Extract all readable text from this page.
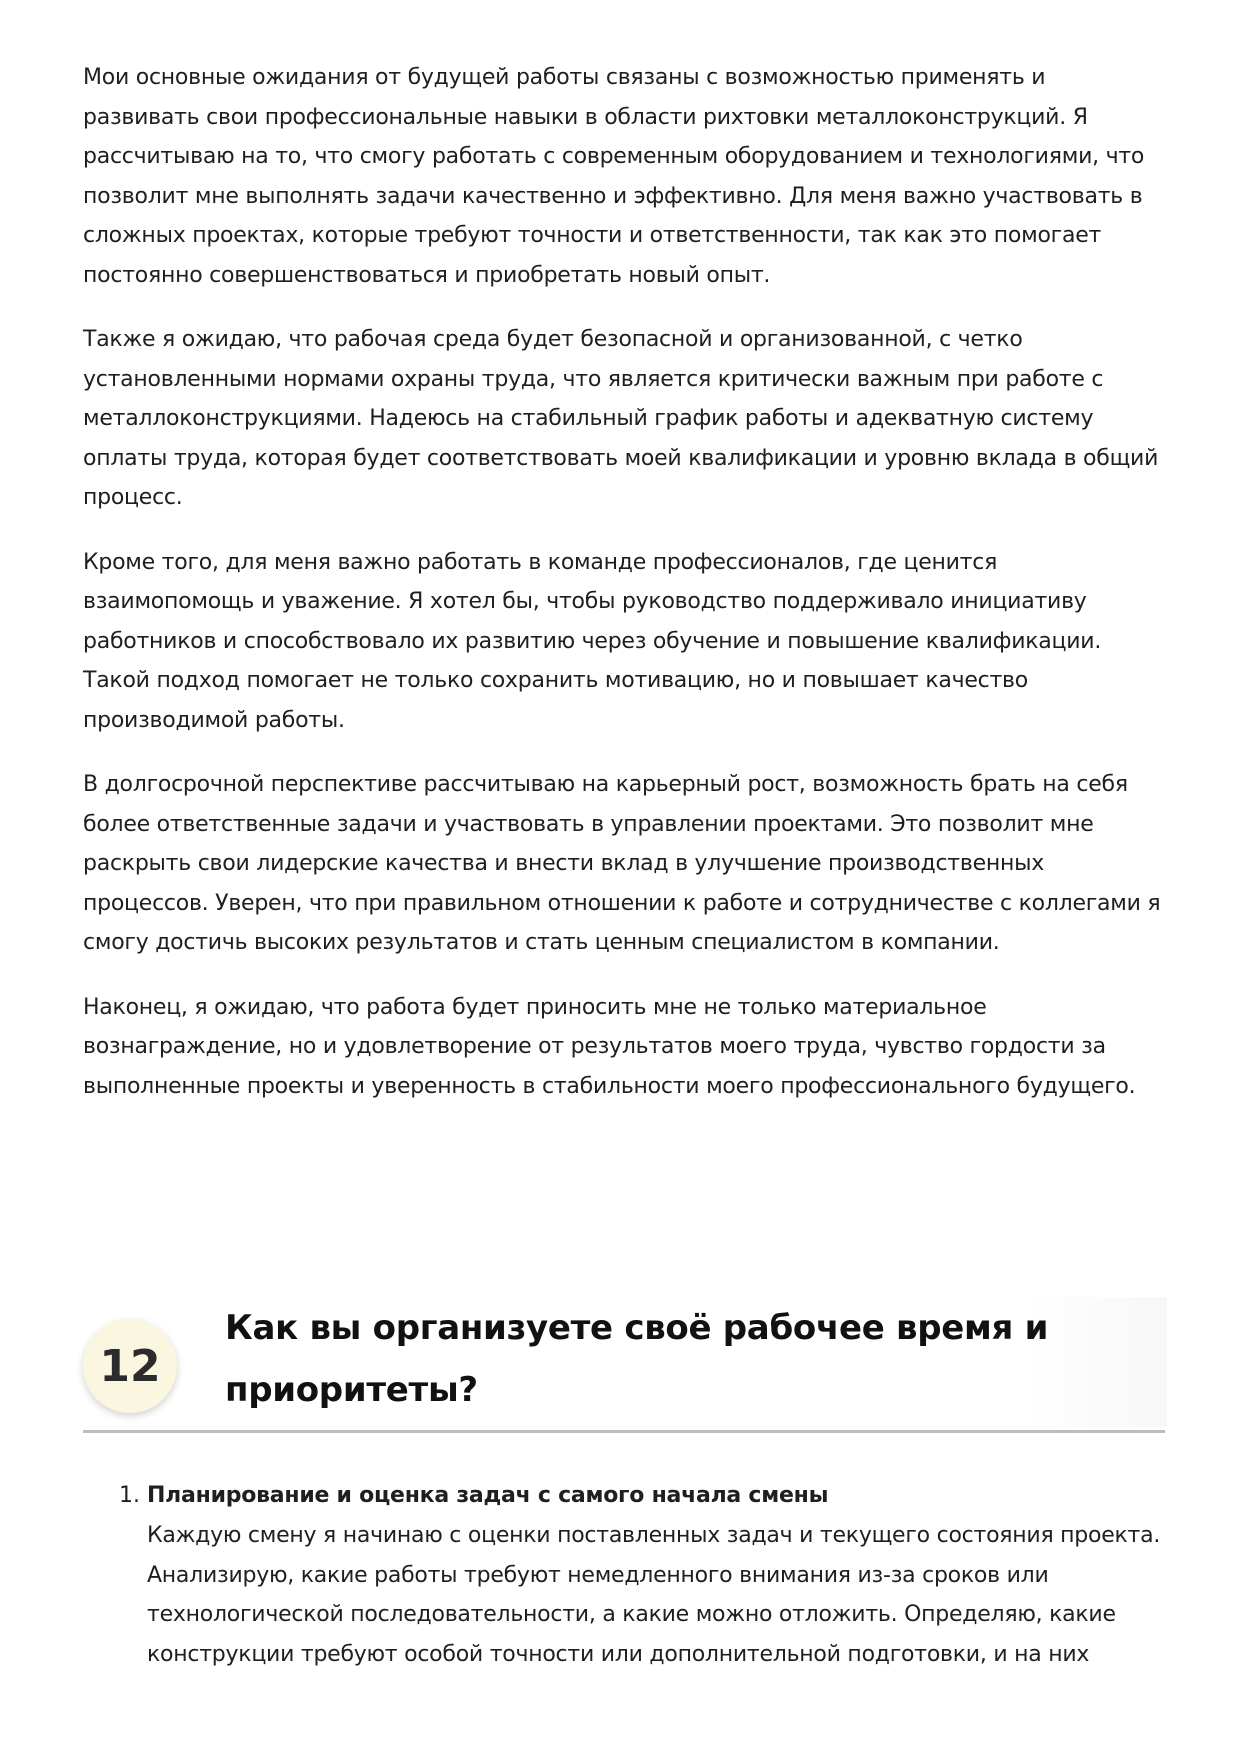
Мои основные ожидания от будущей работы связаны с возможностью применять и развивать свои профессиональные навыки в области рихтовки металлоконструкций. Я рассчитываю на то, что смогу работать с современным оборудованием и технологиями, что позволит мне выполнять задачи качественно и эффективно. Для меня важно участвовать в сложных проектах, которые требуют точности и ответственности, так как это помогает постоянно совершенствоваться и приобретать новый опыт.

Также я ожидаю, что рабочая среда будет безопасной и организованной, с четко установленными нормами охраны труда, что является критически важным при работе с металлоконструкциями. Надеюсь на стабильный график работы и адекватную систему оплаты труда, которая будет соответствовать моей квалификации и уровню вклада в общий процесс.

Кроме того, для меня важно работать в команде профессионалов, где ценится взаимопомощь и уважение. Я хотел бы, чтобы руководство поддерживало инициативу работников и способствовало их развитию через обучение и повышение квалификации. Такой подход помогает не только сохранить мотивацию, но и повышает качество производимой работы.

В долгосрочной перспективе рассчитываю на карьерный рост, возможность брать на себя более ответственные задачи и участвовать в управлении проектами. Это позволит мне раскрыть свои лидерские качества и внести вклад в улучшение производственных процессов. Уверен, что при правильном отношении к работе и сотрудничестве с коллегами я смогу достичь высоких результатов и стать ценным специалистом в компании.

Наконец, я ожидаю, что работа будет приносить мне не только материальное вознаграждение, но и удовлетворение от результатов моего труда, чувство гордости за выполненные проекты и уверенность в стабильности моего профессионального будущего.

12
Как вы организуете своё рабочее время и приоритеты?
1. Планирование и оценка задач с самого начала смены
Каждую смену я начинаю с оценки поставленных задач и текущего состояния проекта. Анализирую, какие работы требуют немедленного внимания из-за сроков или технологической последовательности, а какие можно отложить. Определяю, какие конструкции требуют особой точности или дополнительной подготовки, и на них
